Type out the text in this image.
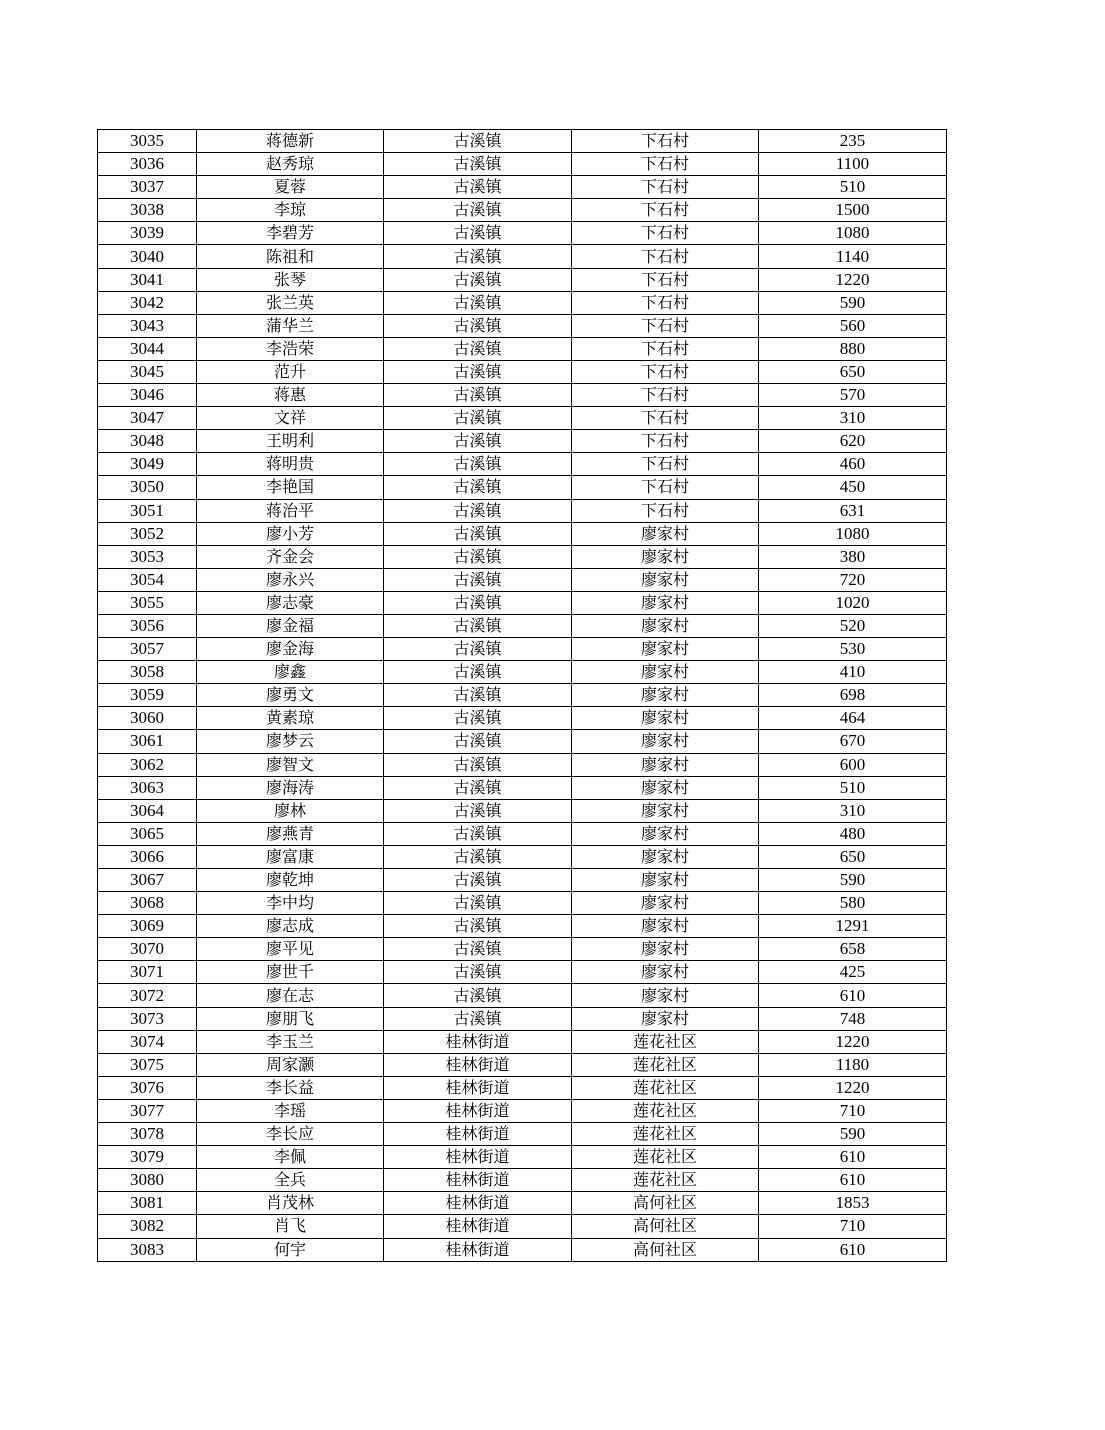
3035	蒋德新	古溪镇	下石村	235
3036	赵秀琼	古溪镇	下石村	1100
3037	夏蓉	古溪镇	下石村	510
3038	李琼	古溪镇	下石村	1500
3039	李碧芳	古溪镇	下石村	1080
3040	陈祖和	古溪镇	下石村	1140
3041	张琴	古溪镇	下石村	1220
3042	张兰英	古溪镇	下石村	590
3043	蒲华兰	古溪镇	下石村	560
3044	李浩荣	古溪镇	下石村	880
3045	范升	古溪镇	下石村	650
3046	蒋惠	古溪镇	下石村	570
3047	文祥	古溪镇	下石村	310
3048	王明利	古溪镇	下石村	620
3049	蒋明贵	古溪镇	下石村	460
3050	李艳国	古溪镇	下石村	450
3051	蒋治平	古溪镇	下石村	631
3052	廖小芳	古溪镇	廖家村	1080
3053	齐金会	古溪镇	廖家村	380
3054	廖永兴	古溪镇	廖家村	720
3055	廖志豪	古溪镇	廖家村	1020
3056	廖金福	古溪镇	廖家村	520
3057	廖金海	古溪镇	廖家村	530
3058	廖鑫	古溪镇	廖家村	410
3059	廖勇文	古溪镇	廖家村	698
3060	黄素琼	古溪镇	廖家村	464
3061	廖梦云	古溪镇	廖家村	670
3062	廖智文	古溪镇	廖家村	600
3063	廖海涛	古溪镇	廖家村	510
3064	廖林	古溪镇	廖家村	310
3065	廖燕青	古溪镇	廖家村	480
3066	廖富康	古溪镇	廖家村	650
3067	廖乾坤	古溪镇	廖家村	590
3068	李中均	古溪镇	廖家村	580
3069	廖志成	古溪镇	廖家村	1291
3070	廖平见	古溪镇	廖家村	658
3071	廖世千	古溪镇	廖家村	425
3072	廖在志	古溪镇	廖家村	610
3073	廖朋飞	古溪镇	廖家村	748
3074	李玉兰	桂林街道	莲花社区	1220
3075	周家灏	桂林街道	莲花社区	1180
3076	李长益	桂林街道	莲花社区	1220
3077	李瑶	桂林街道	莲花社区	710
3078	李长应	桂林街道	莲花社区	590
3079	李佩	桂林街道	莲花社区	610
3080	全兵	桂林街道	莲花社区	610
3081	肖茂林	桂林街道	高何社区	1853
3082	肖飞	桂林街道	高何社区	710
3083	何宇	桂林街道	高何社区	610
